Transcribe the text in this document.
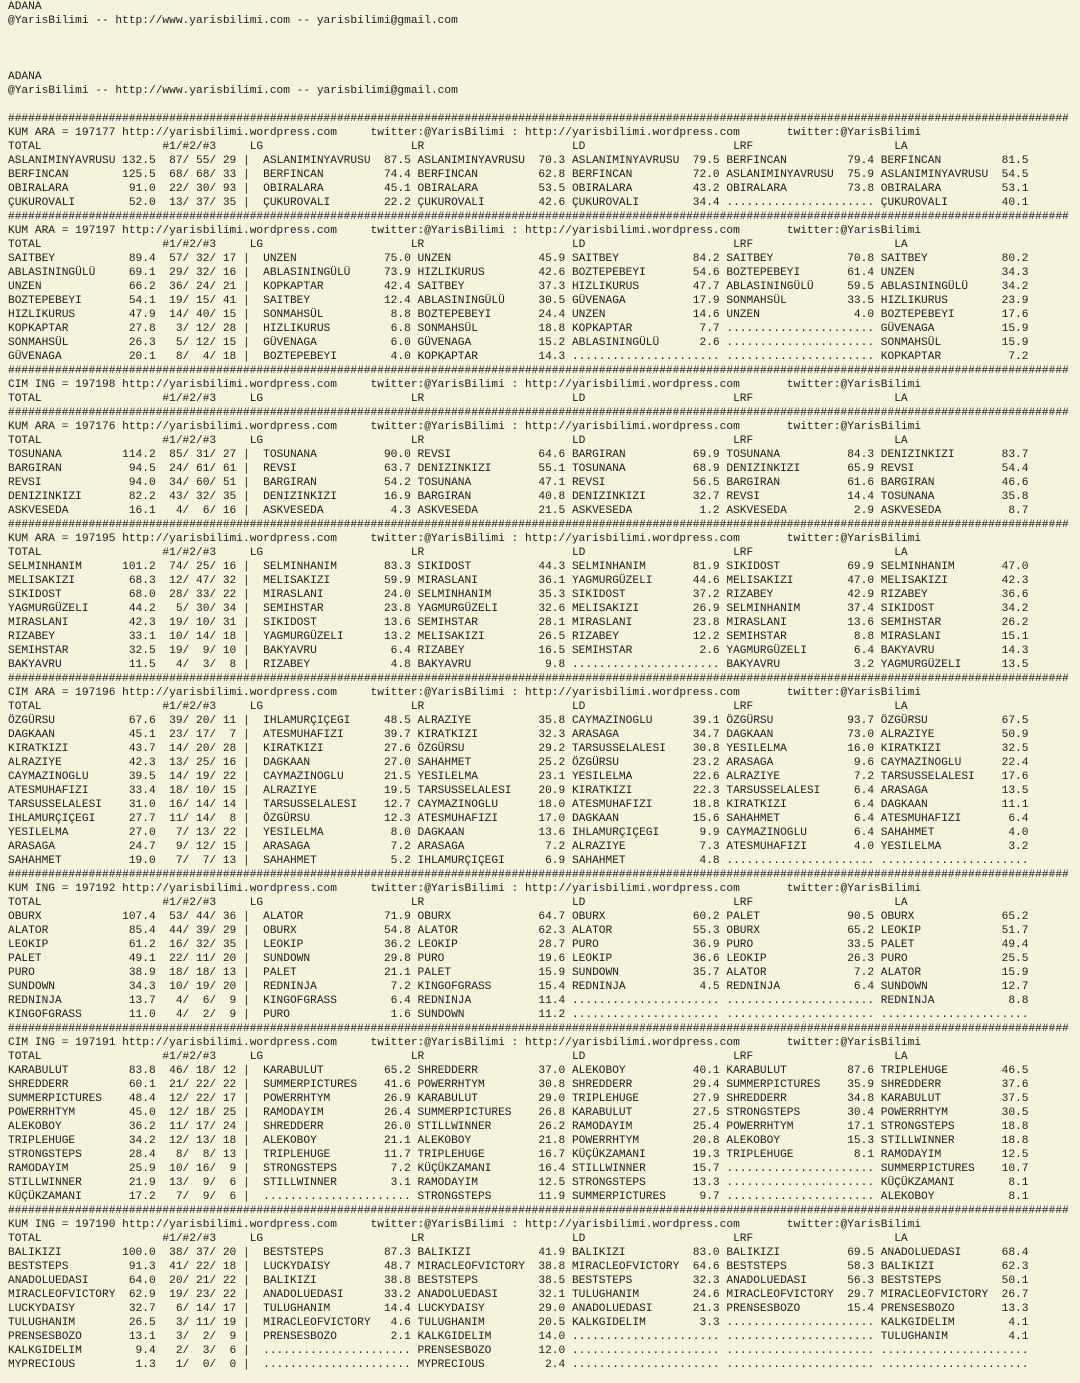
ADANA
@YarisBilimi -- http://www.yarisbilimi.com -- yarisbilimi@gmail.com
ADANA
@YarisBilimi -- http://www.yarisbilimi.com -- yarisbilimi@gmail.com
##############################################################################################################################################################
KUM ARA = 197177 http://yarisbilimi.wordpress.com     twitter:@YarisBilimi : http://yarisbilimi.wordpress.com       twitter:@YarisBilimi
TOTAL                  #1/#2/#3     LG                      LR                      LD                      LRF                     LA
ASLANIMINYAVRUSU 132.5  87/ 55/ 29 |  ASLANIMINYAVRUSU  87.5 ASLANIMINYAVRUSU  70.3 ASLANIMINYAVRUSU  79.5 BERFINCAN         79.4 BERFINCAN         81.5
BERFINCAN        125.5  68/ 68/ 33 |  BERFINCAN         74.4 BERFINCAN         62.8 BERFINCAN         72.0 ASLANIMINYAVRUSU  75.9 ASLANIMINYAVRUSU  54.5
OBIRALARA         91.0  22/ 30/ 93 |  OBIRALARA         45.1 OBIRALARA         53.5 OBIRALARA         43.2 OBIRALARA         73.8 OBIRALARA         53.1
ÇUKUROVALI        52.0  13/ 37/ 35 |  ÇUKUROVALI        22.2 ÇUKUROVALI        42.6 ÇUKUROVALI        34.4 ...................... ÇUKUROVALI        40.1
##############################################################################################################################################################
KUM ARA = 197197 http://yarisbilimi.wordpress.com     twitter:@YarisBilimi : http://yarisbilimi.wordpress.com       twitter:@YarisBilimi
TOTAL                  #1/#2/#3     LG                      LR                      LD                      LRF                     LA
SAITBEY           89.4  57/ 32/ 17 |  UNZEN             75.0 UNZEN             45.9 SAITBEY           84.2 SAITBEY           70.8 SAITBEY           80.2
ABLASININGÜLÜ     69.1  29/ 32/ 16 |  ABLASININGÜLÜ     73.9 HIZLIKURUS        42.6 BOZTEPEBEYI       54.6 BOZTEPEBEYI       61.4 UNZEN             34.3
UNZEN             66.2  36/ 24/ 21 |  KOPKAPTAR         42.4 SAITBEY           37.3 HIZLIKURUS        47.7 ABLASININGÜLÜ     59.5 ABLASININGÜLÜ     34.2
BOZTEPEBEYI       54.1  19/ 15/ 41 |  SAITBEY           12.4 ABLASININGÜLÜ     30.5 GÜVENAGA          17.9 SONMAHSÜL         33.5 HIZLIKURUS        23.9
HIZLIKURUS        47.9  14/ 40/ 15 |  SONMAHSÜL          8.8 BOZTEPEBEYI       24.4 UNZEN             14.6 UNZEN              4.0 BOZTEPEBEYI       17.6
KOPKAPTAR         27.8   3/ 12/ 28 |  HIZLIKURUS         6.8 SONMAHSÜL         18.8 KOPKAPTAR          7.7 ...................... GÜVENAGA          15.9
SONMAHSÜL         26.3   5/ 12/ 15 |  GÜVENAGA           6.0 GÜVENAGA          15.2 ABLASININGÜLÜ      2.6 ...................... SONMAHSÜL         15.9
GÜVENAGA          20.1   8/  4/ 18 |  BOZTEPEBEYI        4.0 KOPKAPTAR         14.3 ...................... ...................... KOPKAPTAR          7.2
##############################################################################################################################################################
CIM ING = 197198 http://yarisbilimi.wordpress.com     twitter:@YarisBilimi : http://yarisbilimi.wordpress.com       twitter:@YarisBilimi
TOTAL                  #1/#2/#3     LG                      LR                      LD                      LRF                     LA
##############################################################################################################################################################
KUM ARA = 197176 http://yarisbilimi.wordpress.com     twitter:@YarisBilimi : http://yarisbilimi.wordpress.com       twitter:@YarisBilimi
TOTAL                  #1/#2/#3     LG                      LR                      LD                      LRF                     LA
TOSUNANA         114.2  85/ 31/ 27 |  TOSUNANA          90.0 REVSI             64.6 BARGIRAN          69.9 TOSUNANA          84.3 DENIZINKIZI       83.7
BARGIRAN          94.5  24/ 61/ 61 |  REVSI             63.7 DENIZINKIZI       55.1 TOSUNANA          68.9 DENIZINKIZI       65.9 REVSI             54.4
REVSI             94.0  34/ 60/ 51 |  BARGIRAN          54.2 TOSUNANA          47.1 REVSI             56.5 BARGIRAN          61.6 BARGIRAN          46.6
DENIZINKIZI       82.2  43/ 32/ 35 |  DENIZINKIZI       16.9 BARGIRAN          40.8 DENIZINKIZI       32.7 REVSI             14.4 TOSUNANA          35.8
ASKVESEDA         16.1   4/  6/ 16 |  ASKVESEDA          4.3 ASKVESEDA         21.5 ASKVESEDA          1.2 ASKVESEDA          2.9 ASKVESEDA          8.7
##############################################################################################################################################################
KUM ARA = 197195 http://yarisbilimi.wordpress.com     twitter:@YarisBilimi : http://yarisbilimi.wordpress.com       twitter:@YarisBilimi
TOTAL                  #1/#2/#3     LG                      LR                      LD                      LRF                     LA
SELMINHANIM      101.2  74/ 25/ 16 |  SELMINHANIM       83.3 SIKIDOST          44.3 SELMINHANIM       81.9 SIKIDOST          69.9 SELMINHANIM       47.0
MELISAKIZI        68.3  12/ 47/ 32 |  MELISAKIZI        59.9 MIRASLANI         36.1 YAGMURGÜZELI      44.6 MELISAKIZI        47.0 MELISAKIZI        42.3
SIKIDOST          68.0  28/ 33/ 22 |  MIRASLANI         24.0 SELMINHANIM       35.3 SIKIDOST          37.2 RIZABEY           42.9 RIZABEY           36.6
YAGMURGÜZELI      44.2   5/ 30/ 34 |  SEMIHSTAR         23.8 YAGMURGÜZELI      32.6 MELISAKIZI        26.9 SELMINHANIM       37.4 SIKIDOST          34.2
MIRASLANI         42.3  19/ 10/ 31 |  SIKIDOST          13.6 SEMIHSTAR         28.1 MIRASLANI         23.8 MIRASLANI         13.6 SEMIHSTAR         26.2
RIZABEY           33.1  10/ 14/ 18 |  YAGMURGÜZELI      13.2 MELISAKIZI        26.5 RIZABEY           12.2 SEMIHSTAR          8.8 MIRASLANI         15.1
SEMIHSTAR         32.5  19/  9/ 10 |  BAKYAVRU           6.4 RIZABEY           16.5 SEMIHSTAR          2.6 YAGMURGÜZELI       6.4 BAKYAVRU          14.3
BAKYAVRU          11.5   4/  3/  8 |  RIZABEY            4.8 BAKYAVRU           9.8 ...................... BAKYAVRU           3.2 YAGMURGÜZELI      13.5
##############################################################################################################################################################
CIM ARA = 197196 http://yarisbilimi.wordpress.com     twitter:@YarisBilimi : http://yarisbilimi.wordpress.com       twitter:@YarisBilimi
TOTAL                  #1/#2/#3     LG                      LR                      LD                      LRF                     LA
ÖZGÜRSU           67.6  39/ 20/ 11 |  IHLAMURÇIÇEGI     48.5 ALRAZIYE          35.8 CAYMAZINOGLU      39.1 ÖZGÜRSU           93.7 ÖZGÜRSU           67.5
DAGKAAN           45.1  23/ 17/  7 |  ATESMUHAFIZI      39.7 KIRATKIZI         32.3 ARASAGA           34.7 DAGKAAN           73.0 ALRAZIYE          50.9
KIRATKIZI         43.7  14/ 20/ 28 |  KIRATKIZI         27.6 ÖZGÜRSU           29.2 TARSUSSELALESI    30.8 YESILELMA         16.0 KIRATKIZI         32.5
ALRAZIYE          42.3  13/ 25/ 16 |  DAGKAAN           27.0 SAHAHMET          25.2 ÖZGÜRSU           23.2 ARASAGA            9.6 CAYMAZINOGLU      22.4
CAYMAZINOGLU      39.5  14/ 19/ 22 |  CAYMAZINOGLU      21.5 YESILELMA         23.1 YESILELMA         22.6 ALRAZIYE           7.2 TARSUSSELALESI    17.6
ATESMUHAFIZI      33.4  18/ 10/ 15 |  ALRAZIYE          19.5 TARSUSSELALESI    20.9 KIRATKIZI         22.3 TARSUSSELALESI     6.4 ARASAGA           13.5
TARSUSSELALESI    31.0  16/ 14/ 14 |  TARSUSSELALESI    12.7 CAYMAZINOGLU      18.0 ATESMUHAFIZI      18.8 KIRATKIZI          6.4 DAGKAAN           11.1
IHLAMURÇIÇEGI     27.7  11/ 14/  8 |  ÖZGÜRSU           12.3 ATESMUHAFIZI      17.0 DAGKAAN           15.6 SAHAHMET           6.4 ATESMUHAFIZI       6.4
YESILELMA         27.0   7/ 13/ 22 |  YESILELMA          8.0 DAGKAAN           13.6 IHLAMURÇIÇEGI      9.9 CAYMAZINOGLU       6.4 SAHAHMET           4.0
ARASAGA           24.7   9/ 12/ 15 |  ARASAGA            7.2 ARASAGA            7.2 ALRAZIYE           7.3 ATESMUHAFIZI       4.0 YESILELMA          3.2
SAHAHMET          19.0   7/  7/ 13 |  SAHAHMET           5.2 IHLAMURÇIÇEGI      6.9 SAHAHMET           4.8 ...................... ......................
##############################################################################################################################################################
KUM ING = 197192 http://yarisbilimi.wordpress.com     twitter:@YarisBilimi : http://yarisbilimi.wordpress.com       twitter:@YarisBilimi
TOTAL                  #1/#2/#3     LG                      LR                      LD                      LRF                     LA
OBURX            107.4  53/ 44/ 36 |  ALATOR            71.9 OBURX             64.7 OBURX             60.2 PALET             90.5 OBURX             65.2
ALATOR            85.4  44/ 39/ 29 |  OBURX             54.8 ALATOR            62.3 ALATOR            55.3 OBURX             65.2 LEOKIP            51.7
LEOKIP            61.2  16/ 32/ 35 |  LEOKIP            36.2 LEOKIP            28.7 PURO              36.9 PURO              33.5 PALET             49.4
PALET             49.1  22/ 11/ 20 |  SUNDOWN           29.8 PURO              19.6 LEOKIP            36.6 LEOKIP            26.3 PURO              25.5
PURO              38.9  18/ 18/ 13 |  PALET             21.1 PALET             15.9 SUNDOWN           35.7 ALATOR             7.2 ALATOR            15.9
SUNDOWN           34.3  10/ 19/ 20 |  REDNINJA           7.2 KINGOFGRASS       15.4 REDNINJA           4.5 REDNINJA           6.4 SUNDOWN           12.7
REDNINJA          13.7   4/  6/  9 |  KINGOFGRASS        6.4 REDNINJA          11.4 ...................... ...................... REDNINJA           8.8
KINGOFGRASS       11.0   4/  2/  9 |  PURO               1.6 SUNDOWN           11.2 ...................... ...................... ......................
##############################################################################################################################################################
CIM ING = 197191 http://yarisbilimi.wordpress.com     twitter:@YarisBilimi : http://yarisbilimi.wordpress.com       twitter:@YarisBilimi
TOTAL                  #1/#2/#3     LG                      LR                      LD                      LRF                     LA
KARABULUT         83.8  46/ 18/ 12 |  KARABULUT         65.2 SHREDDERR         37.0 ALEKOBOY          40.1 KARABULUT         87.6 TRIPLEHUGE        46.5
SHREDDERR         60.1  21/ 22/ 22 |  SUMMERPICTURES    41.6 POWERRHTYM        30.8 SHREDDERR         29.4 SUMMERPICTURES    35.9 SHREDDERR         37.6
SUMMERPICTURES    48.4  12/ 22/ 17 |  POWERRHTYM        26.9 KARABULUT         29.0 TRIPLEHUGE        27.9 SHREDDERR         34.8 KARABULUT         37.5
POWERRHTYM        45.0  12/ 18/ 25 |  RAMODAYIM         26.4 SUMMERPICTURES    26.8 KARABULUT         27.5 STRONGSTEPS       30.4 POWERRHTYM        30.5
ALEKOBOY          36.2  11/ 17/ 24 |  SHREDDERR         26.0 STILLWINNER       26.2 RAMODAYIM         25.4 POWERRHTYM        17.1 STRONGSTEPS       18.8
TRIPLEHUGE        34.2  12/ 13/ 18 |  ALEKOBOY          21.1 ALEKOBOY          21.8 POWERRHTYM        20.8 ALEKOBOY          15.3 STILLWINNER       18.8
STRONGSTEPS       28.4   8/  8/ 13 |  TRIPLEHUGE        11.7 TRIPLEHUGE        16.7 KÜÇÜKZAMANI       19.3 TRIPLEHUGE         8.1 RAMODAYIM         12.5
RAMODAYIM         25.9  10/ 16/  9 |  STRONGSTEPS        7.2 KÜÇÜKZAMANI       16.4 STILLWINNER       15.7 ...................... SUMMERPICTURES    10.7
STILLWINNER       21.9  13/  9/  6 |  STILLWINNER        3.1 RAMODAYIM         12.5 STRONGSTEPS       13.3 ...................... KÜÇÜKZAMANI        8.1
KÜÇÜKZAMANI       17.2   7/  9/  6 |  ...................... STRONGSTEPS       11.9 SUMMERPICTURES     9.7 ...................... ALEKOBOY           8.1
##############################################################################################################################################################
KUM ING = 197190 http://yarisbilimi.wordpress.com     twitter:@YarisBilimi : http://yarisbilimi.wordpress.com       twitter:@YarisBilimi
TOTAL                  #1/#2/#3     LG                      LR                      LD                      LRF                     LA
BALIKIZI         100.0  38/ 37/ 20 |  BESTSTEPS         87.3 BALIKIZI          41.9 BALIKIZI          83.0 BALIKIZI          69.5 ANADOLUEDASI      68.4
BESTSTEPS         91.3  41/ 22/ 18 |  LUCKYDAISY        48.7 MIRACLEOFVICTORY  38.8 MIRACLEOFVICTORY  64.6 BESTSTEPS         58.3 BALIKIZI          62.3
ANADOLUEDASI      64.0  20/ 21/ 22 |  BALIKIZI          38.8 BESTSTEPS         38.5 BESTSTEPS         32.3 ANADOLUEDASI      56.3 BESTSTEPS         50.1
MIRACLEOFVICTORY  62.9  19/ 23/ 22 |  ANADOLUEDASI      33.2 ANADOLUEDASI      32.1 TULUGHANIM        24.6 MIRACLEOFVICTORY  29.7 MIRACLEOFVICTORY  26.7
LUCKYDAISY        32.7   6/ 14/ 17 |  TULUGHANIM        14.4 LUCKYDAISY        29.0 ANADOLUEDASI      21.3 PRENSESBOZO       15.4 PRENSESBOZO       13.3
TULUGHANIM        26.5   3/ 11/ 19 |  MIRACLEOFVICTORY   4.6 TULUGHANIM        20.5 KALKGIDELIM        3.3 ...................... KALKGIDELIM        4.1
PRENSESBOZO       13.1   3/  2/  9 |  PRENSESBOZO        2.1 KALKGIDELIM       14.0 ...................... ...................... TULUGHANIM         4.1
KALKGIDELIM        9.4   2/  3/  6 |  ...................... PRENSESBOZO       12.0 ...................... ...................... ......................
MYPRECIOUS         1.3   1/  0/  0 |  ...................... MYPRECIOUS         2.4 ...................... ...................... ......................
